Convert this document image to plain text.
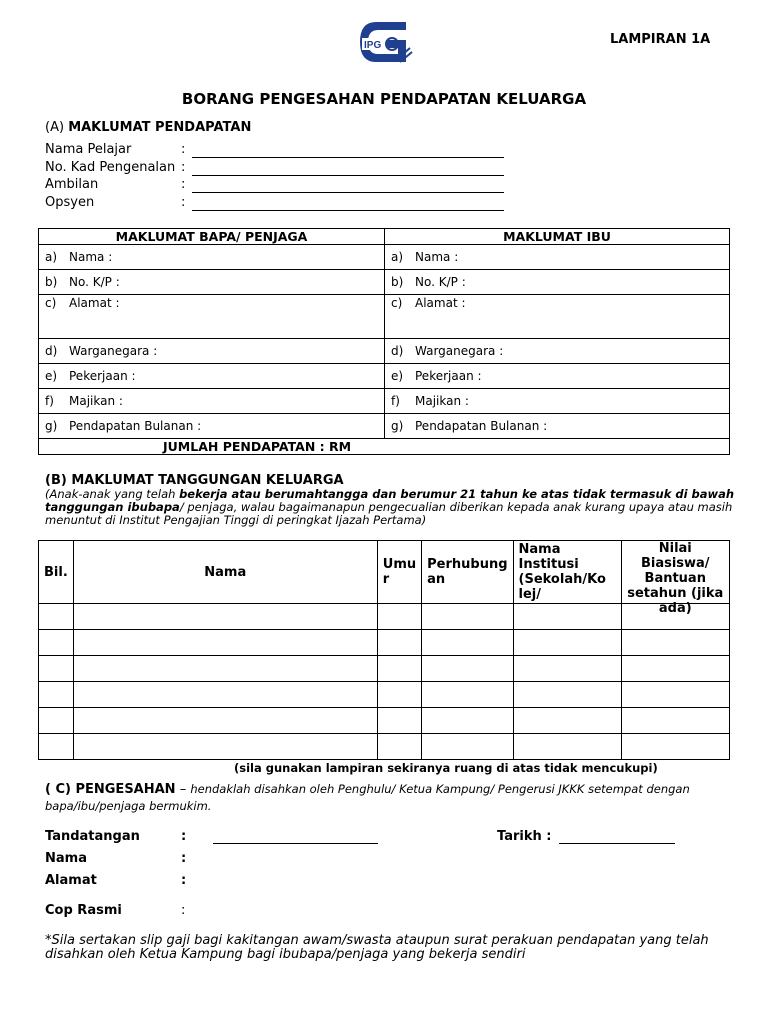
IPG	LAMPIRAN 1A
BORANG PENGESAHAN PENDAPATAN KELUARGA
(A) MAKLUMAT PENDAPATAN
Nama Pelajar	:
No. Kad Pengenalan :
Ambilan	:
Opsyen	:
MAKLUMAT BAPA/ PENJAGA	MAKLUMAT IBU
a) Nama :	a) Nama :
b) No. K/P :	b) No. K/P :
c) Alamat :	c) Alamat :
d) Warganegara :	d) Warganegara :
e) Pekerjaan :	e) Pekerjaan :
f) Majikan :	f) Majikan :
g) Pendapatan Bulanan :	g) Pendapatan Bulanan :
JUMLAH PENDAPATAN : RM	
(B) MAKLUMAT TANGGUNGAN KELUARGA
(Anak-anak yang telah bekerja atau berumahtangga dan berumur 21 tahun ke atas tidak termasuk di bawah tanggungan ibubapa/ penjaga, walau bagaimanapun pengecualian diberikan kepada anak kurang upaya atau masih menuntut di Institut Pengajian Tinggi di peringkat Ijazah Pertama)
Bil.	Nama	Umu r	Perhubung an	Nama Institusi (Sekolah/Ko lej/	Nilai Biasiswa/ Bantuan setahun (jika ada)

(sila gunakan lampiran sekiranya ruang di atas tidak mencukupi)
( C) PENGESAHAN – hendaklah disahkan oleh Penghulu/ Ketua Kampung/ Pengerusi JKKK setempat dengan
bapa/ibu/penjaga bermukim.
Tandatangan	:	Tarikh :
Nama	:
Alamat	:
Cop Rasmi	:
*Sila sertakan slip gaji bagi kakitangan awam/swasta ataupun surat perakuan pendapatan yang telah disahkan oleh Ketua Kampung bagi ibubapa/penjaga yang bekerja sendiri
